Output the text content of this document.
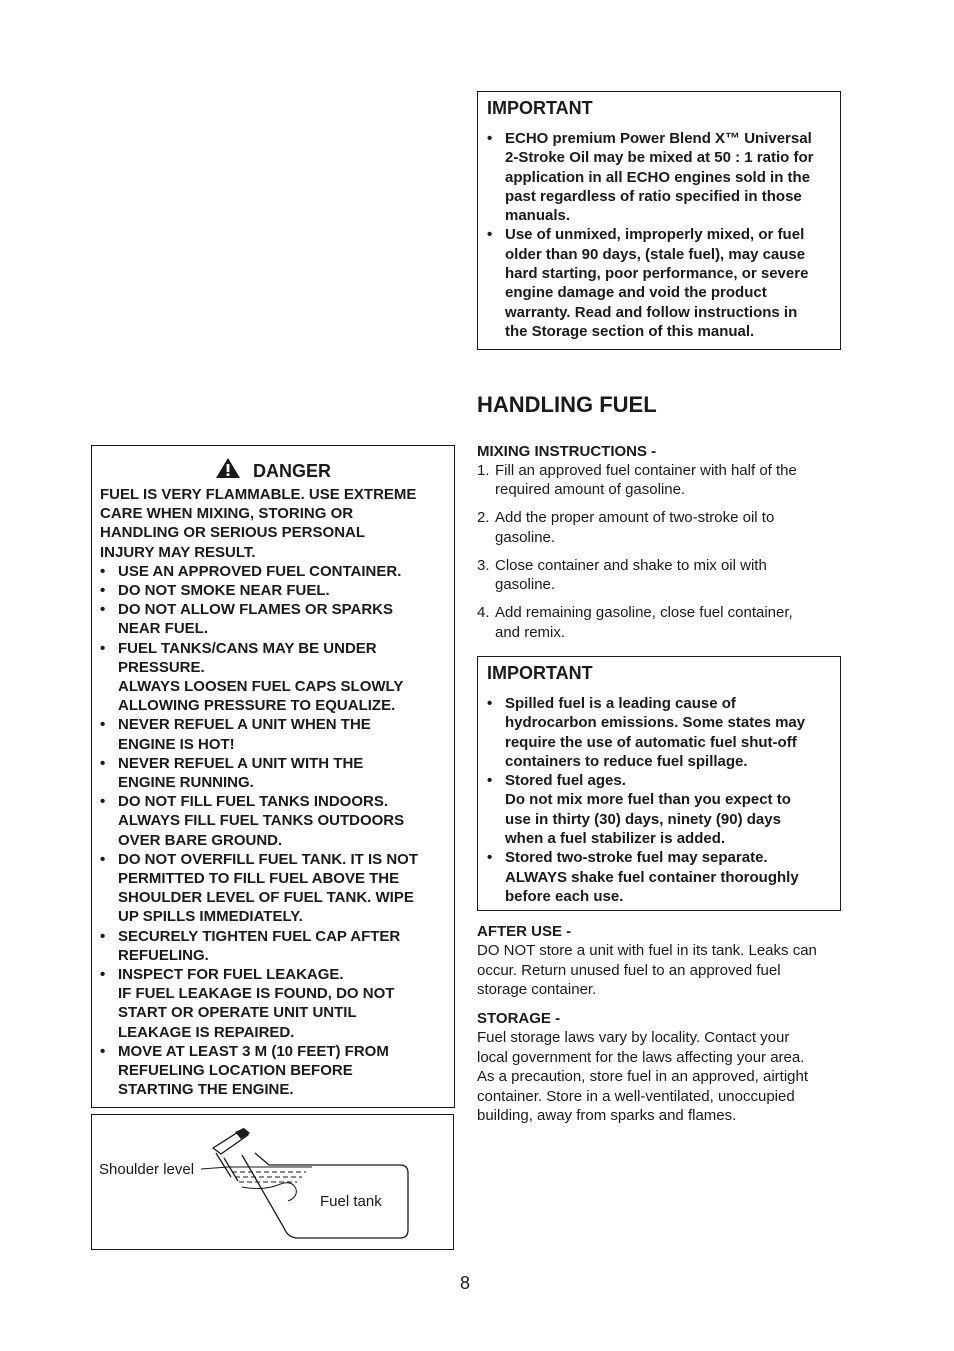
IMPORTANT
• ECHO premium Power Blend X™ Universal
2-Stroke Oil may be mixed at 50 : 1 ratio for
application in all ECHO engines sold in the
past regardless of ratio specified in those
manuals.
• Use of unmixed, improperly mixed, or fuel
older than 90 days, (stale fuel), may cause
hard starting, poor performance, or severe
engine damage and void the product
warranty. Read and follow instructions in
the Storage section of this manual.
HANDLING FUEL
MIXING INSTRUCTIONS -
1. Fill an approved fuel container with half of the
required amount of gasoline.
2. Add the proper amount of two-stroke oil to
gasoline.
3. Close container and shake to mix oil with
gasoline.
4. Add remaining gasoline, close fuel container,
and remix.
IMPORTANT
• Spilled fuel is a leading cause of
hydrocarbon emissions. Some states may
require the use of automatic fuel shut-off
containers to reduce fuel spillage.
• Stored fuel ages.
Do not mix more fuel than you expect to
use in thirty (30) days, ninety (90) days
when a fuel stabilizer is added.
• Stored two-stroke fuel may separate.
ALWAYS shake fuel container thoroughly
before each use.
AFTER USE -
DO NOT store a unit with fuel in its tank. Leaks can
occur. Return unused fuel to an approved fuel
storage container.
STORAGE -
Fuel storage laws vary by locality. Contact your
local government for the laws affecting your area.
As a precaution, store fuel in an approved, airtight
container. Store in a well-ventilated, unoccupied
building, away from sparks and flames.
DANGER
FUEL IS VERY FLAMMABLE. USE EXTREME
CARE WHEN MIXING, STORING OR
HANDLING OR SERIOUS PERSONAL
INJURY MAY RESULT.
• USE AN APPROVED FUEL CONTAINER.
• DO NOT SMOKE NEAR FUEL.
• DO NOT ALLOW FLAMES OR SPARKS
NEAR FUEL.
• FUEL TANKS/CANS MAY BE UNDER
PRESSURE.
ALWAYS LOOSEN FUEL CAPS SLOWLY
ALLOWING PRESSURE TO EQUALIZE.
• NEVER REFUEL A UNIT WHEN THE
ENGINE IS HOT!
• NEVER REFUEL A UNIT WITH THE
ENGINE RUNNING.
• DO NOT FILL FUEL TANKS INDOORS.
ALWAYS FILL FUEL TANKS OUTDOORS
OVER BARE GROUND.
• DO NOT OVERFILL FUEL TANK. IT IS NOT
PERMITTED TO FILL FUEL ABOVE THE
SHOULDER LEVEL OF FUEL TANK. WIPE
UP SPILLS IMMEDIATELY.
• SECURELY TIGHTEN FUEL CAP AFTER
REFUELING.
• INSPECT FOR FUEL LEAKAGE.
IF FUEL LEAKAGE IS FOUND, DO NOT
START OR OPERATE UNIT UNTIL
LEAKAGE IS REPAIRED.
• MOVE AT LEAST 3 M (10 FEET) FROM
REFUELING LOCATION BEFORE
STARTING THE ENGINE.
Shoulder level
Fuel tank
8
